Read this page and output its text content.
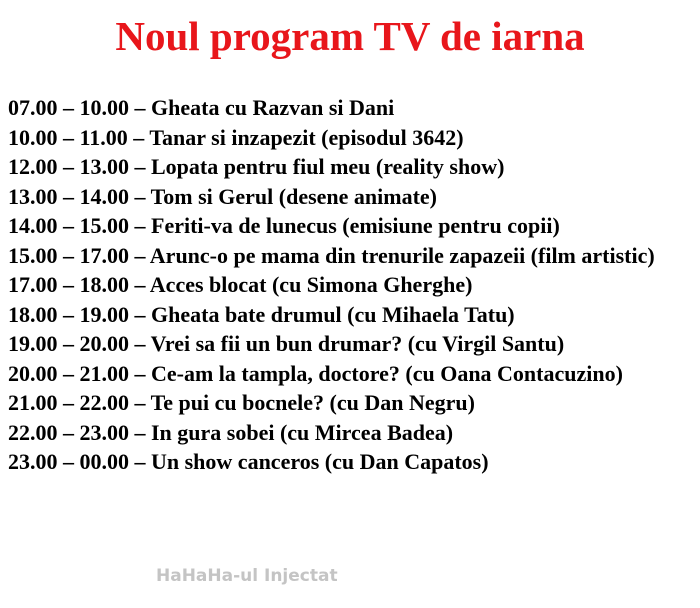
Noul program TV de iarna
07.00 – 10.00 – Gheata cu Razvan si Dani
10.00 – 11.00 – Tanar si inzapezit (episodul 3642)
12.00 – 13.00 – Lopata pentru fiul meu (reality show)
13.00 – 14.00 – Tom si Gerul (desene animate)
14.00 – 15.00 – Feriti-va de lunecus (emisiune pentru copii)
15.00 – 17.00 – Arunc-o pe mama din trenurile zapazeii (film artistic)
17.00 – 18.00 – Acces blocat (cu Simona Gherghe)
18.00 – 19.00 – Gheata bate drumul (cu Mihaela Tatu)
19.00 – 20.00 – Vrei sa fii un bun drumar? (cu Virgil Santu)
20.00 – 21.00 – Ce-am la tampla, doctore? (cu Oana Contacuzino)
21.00 – 22.00 – Te pui cu bocnele? (cu Dan Negru)
22.00 – 23.00 – In gura sobei (cu Mircea Badea)
23.00 – 00.00 – Un show canceros (cu Dan Capatos)
HaHaHa-ul Injectat
